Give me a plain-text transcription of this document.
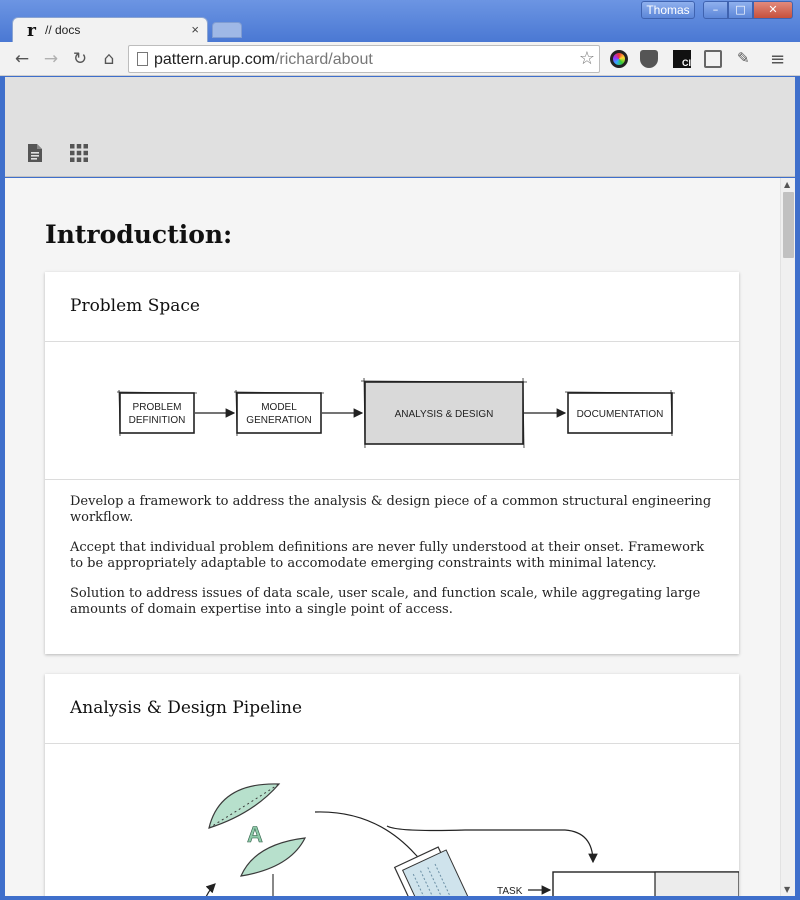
r // docs	×
Thomas	–	□	✕
← → ↻ ⌂	pattern.arup.com/richard/about	☆	CI	✎	≡
Introduction:
Problem Space
PROBLEM
DEFINITION
MODEL
GENERATION
ANALYSIS & DESIGN	DOCUMENTATION

Develop a framework to address the analysis & design piece of a common structural engineering workflow.

Accept that individual problem definitions are never fully understood at their onset. Framework to be appropriately adaptable to accomodate emerging constraints with minimal latency.

Solution to address issues of data scale, user scale, and function scale, while aggregating large amounts of domain expertise into a single point of access.

Analysis & Design Pipeline
A
TASK
▲
▼
